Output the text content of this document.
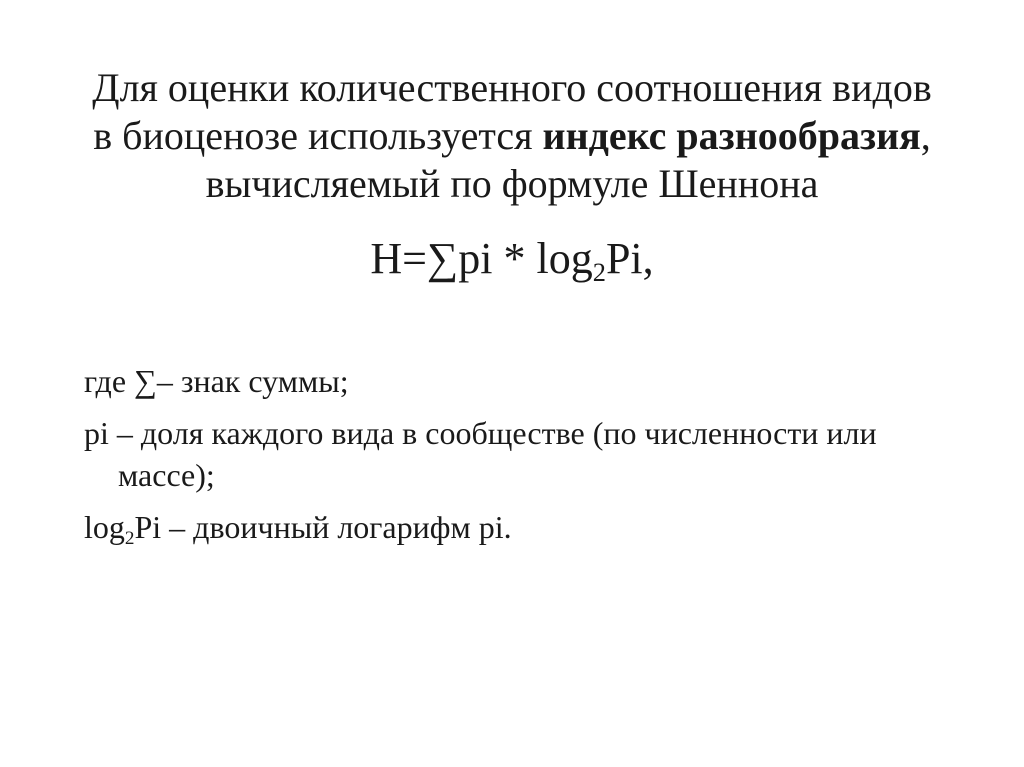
Для оценки количественного соотношения видов
в биоценозе используется индекс разнообразия,
вычисляемый по формуле Шеннона
$H=\sum pi * \log_2Pi$,
где ∑– знак суммы;
pi – доля каждого вида в сообществе (по численности или
массе);
$\log_2Pi$ – двоичный логарифм pi.
